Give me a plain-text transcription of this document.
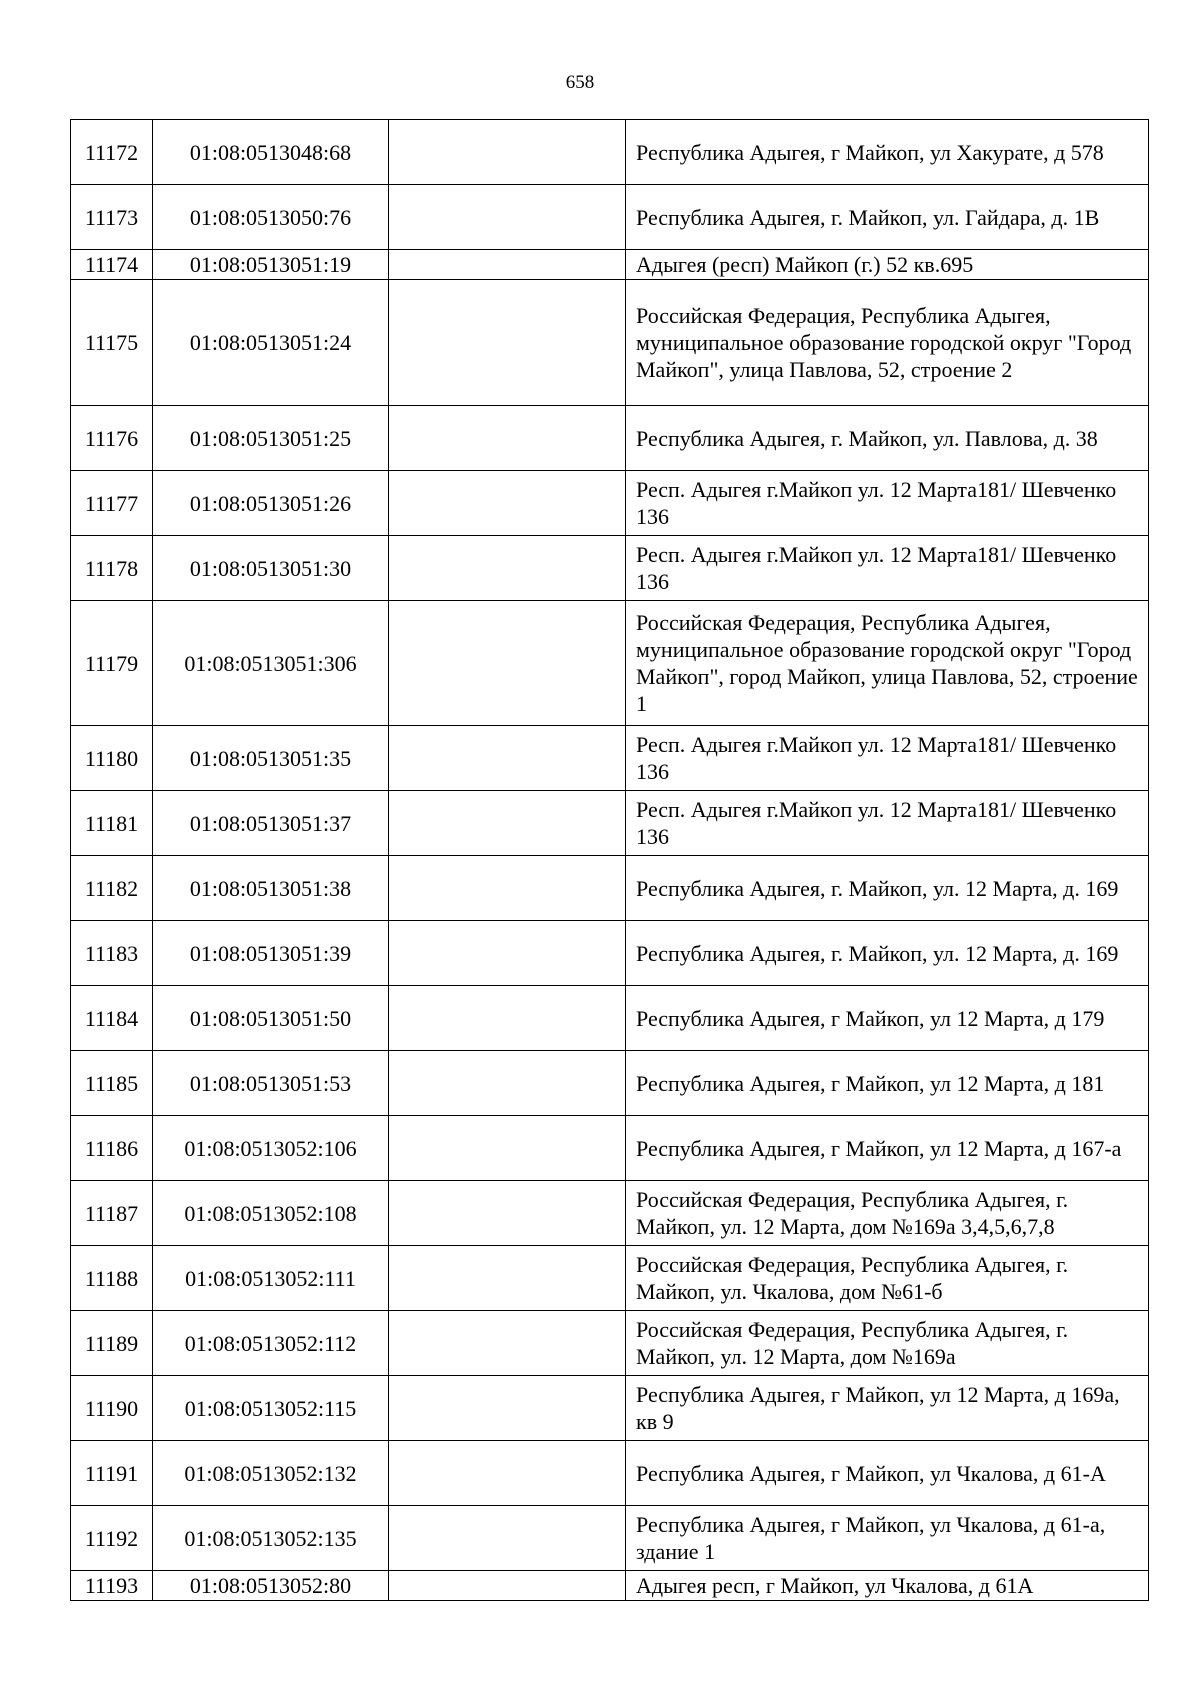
658
11172	01:08:0513048:68		Республика Адыгея, г Майкоп, ул Хакурате, д 578
11173	01:08:0513050:76		Республика Адыгея, г. Майкоп, ул. Гайдара, д. 1В
11174	01:08:0513051:19		Адыгея (респ) Майкоп (г.) 52 кв.695
11175	01:08:0513051:24		Российская Федерация, Республика Адыгея, муниципальное образование городской округ "Город Майкоп", улица Павлова, 52, строение 2
11176	01:08:0513051:25		Республика Адыгея, г. Майкоп, ул. Павлова, д. 38
11177	01:08:0513051:26		Респ. Адыгея г.Майкоп ул. 12 Марта181/ Шевченко 136
11178	01:08:0513051:30		Респ. Адыгея г.Майкоп ул. 12 Марта181/ Шевченко 136
11179	01:08:0513051:306		Российская Федерация, Республика Адыгея, муниципальное образование городской округ "Город Майкоп", город Майкоп, улица Павлова, 52, строение 1
11180	01:08:0513051:35		Респ. Адыгея г.Майкоп ул. 12 Марта181/ Шевченко 136
11181	01:08:0513051:37		Респ. Адыгея г.Майкоп ул. 12 Марта181/ Шевченко 136
11182	01:08:0513051:38		Республика Адыгея, г. Майкоп, ул. 12 Марта, д. 169
11183	01:08:0513051:39		Республика Адыгея, г. Майкоп, ул. 12 Марта, д. 169
11184	01:08:0513051:50		Республика Адыгея, г Майкоп, ул 12 Марта, д 179
11185	01:08:0513051:53		Республика Адыгея, г Майкоп, ул 12 Марта, д 181
11186	01:08:0513052:106		Республика Адыгея, г Майкоп, ул 12 Марта, д 167-а
11187	01:08:0513052:108		Российская Федерация, Республика Адыгея, г. Майкоп, ул. 12 Марта, дом №169а 3,4,5,6,7,8
11188	01:08:0513052:111		Российская Федерация, Республика Адыгея, г. Майкоп, ул. Чкалова, дом №61-б
11189	01:08:0513052:112		Российская Федерация, Республика Адыгея, г. Майкоп, ул. 12 Марта, дом №169а
11190	01:08:0513052:115		Республика Адыгея, г Майкоп, ул 12 Марта, д 169а, кв 9
11191	01:08:0513052:132		Республика Адыгея, г Майкоп, ул Чкалова, д 61-А
11192	01:08:0513052:135		Республика Адыгея, г Майкоп, ул Чкалова, д 61-а, здание 1
11193	01:08:0513052:80		Адыгея респ, г Майкоп, ул Чкалова, д 61А
